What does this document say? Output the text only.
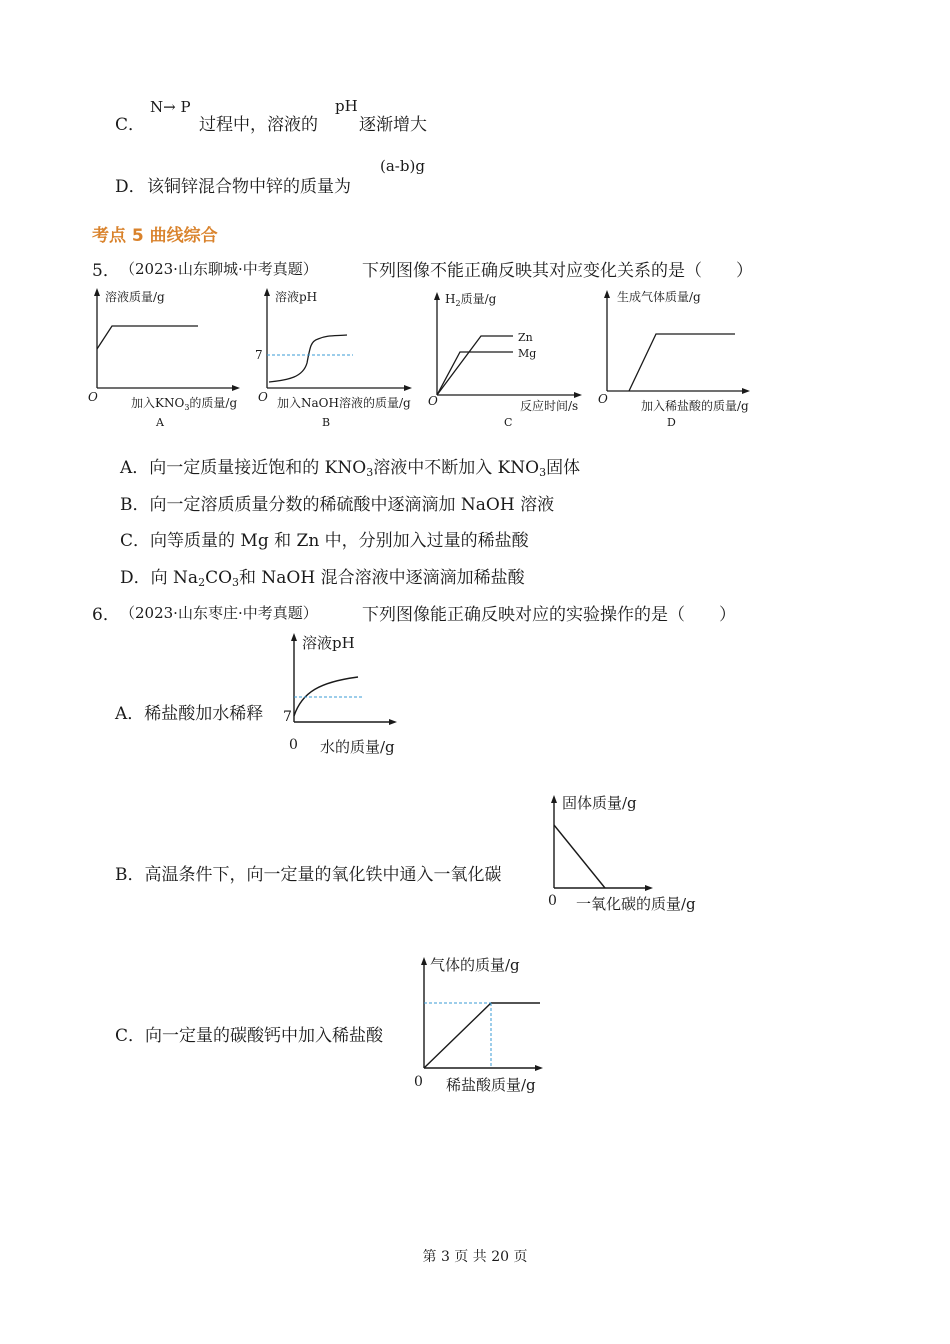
C．
N→ P
过程中，溶液的
pH
逐渐增大
D． 该铜锌混合物中锌的质量为
(a-b)g
考点 5 曲线综合
5． （2023·山东聊城·中考真题）	下列图像不能正确反映其对应变化关系的是（　　）
溶液质量/g
O	加入$KNO_3$的质量/g
A
7
溶液pH
O 加入NaOH溶液的质量/g
B
$H_2$质量/g
Zn
Mg
O	反应时间/s
C
生成气体质量/g
O	加入稀盐酸的质量/g
D
A．向一定质量接近饱和的 $KNO_3$溶液中不断加入 $KNO_3$固体
B．向一定溶质质量分数的稀硫酸中逐滴滴加 NaOH 溶液
C．向等质量的 Mg 和 Zn 中，分别加入过量的稀盐酸
D．向 $Na_2CO_3$和 NaOH 混合溶液中逐滴滴加稀盐酸
6． （2023·山东枣庄·中考真题）	下列图像能正确反映对应的实验操作的是（　　）
A．稀盐酸加水稀释
溶液pH
7
0 水的质量/g
B．高温条件下，向一定量的氧化铁中通入一氧化碳
固体质量/g
0 一氧化碳的质量/g
C．向一定量的碳酸钙中加入稀盐酸
气体的质量/g
0 稀盐酸质量/g
第 3 页 共 20 页
